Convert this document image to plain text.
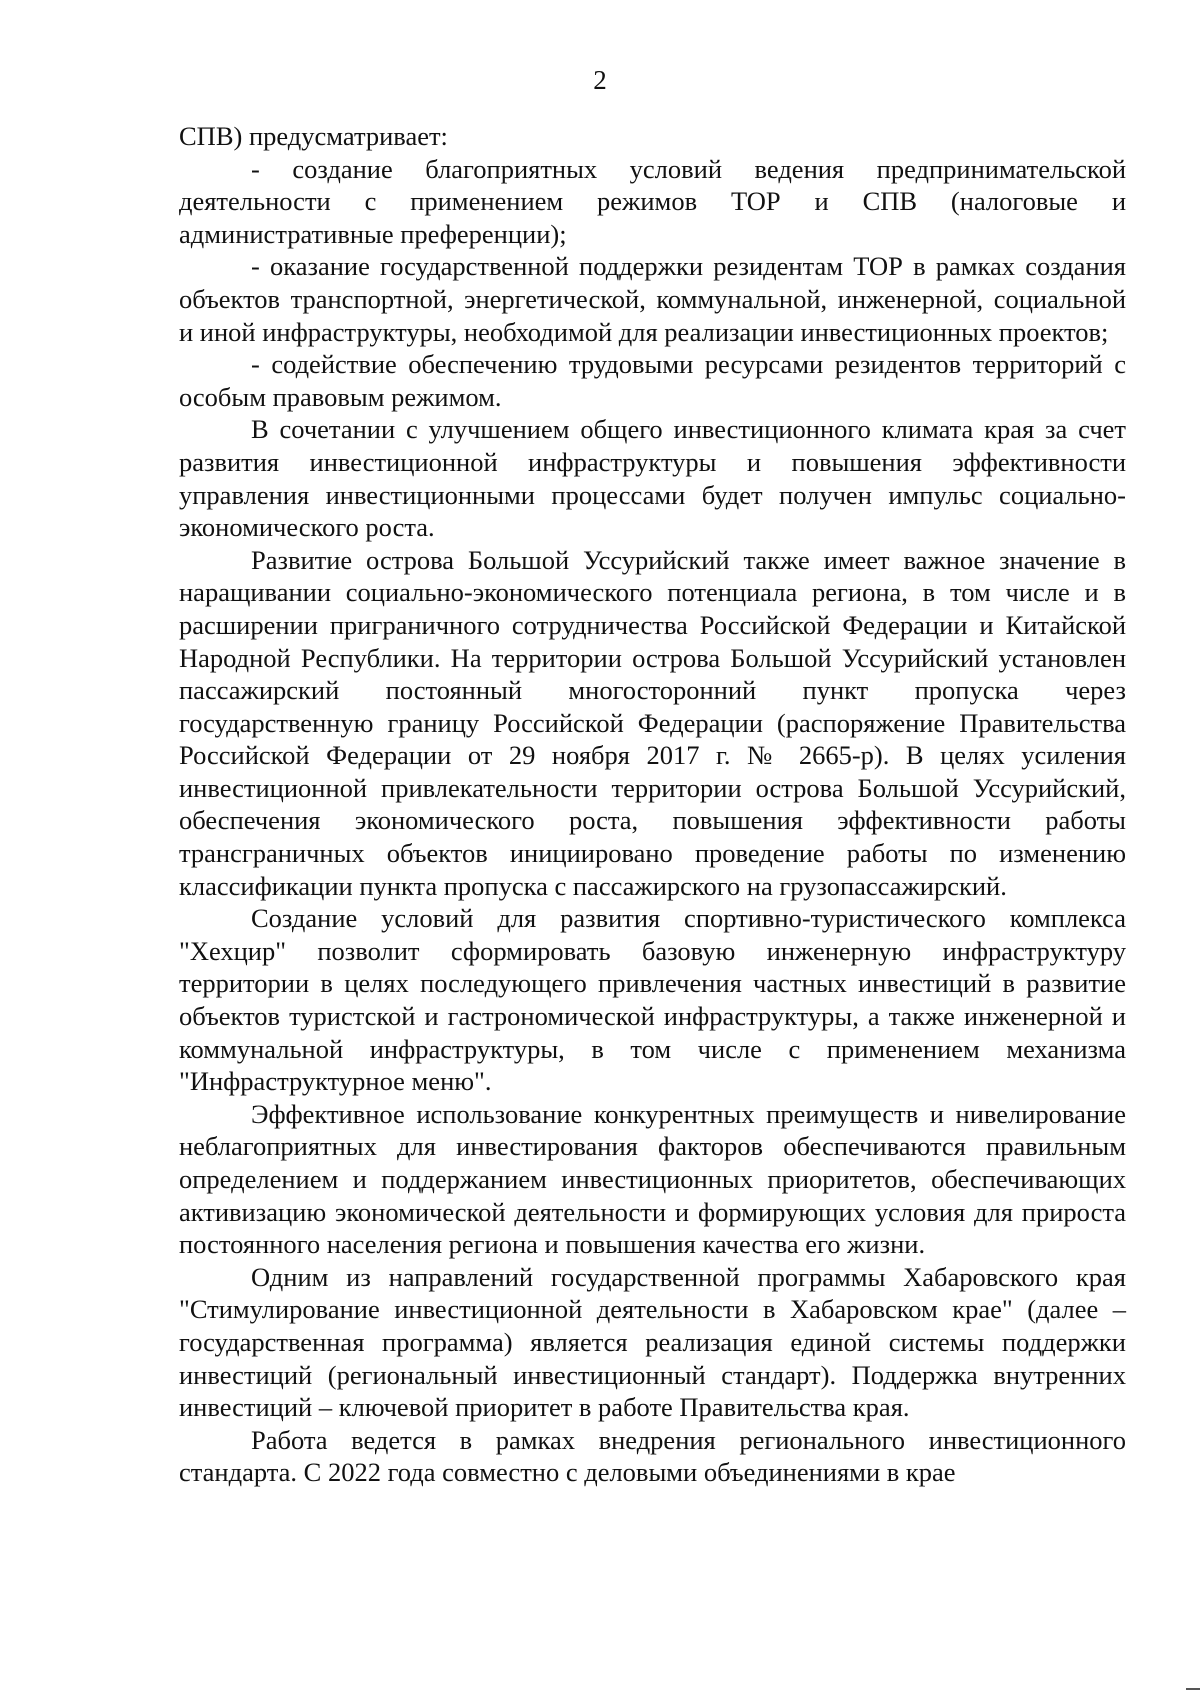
2

СПВ) предусматривает:

- создание благоприятных условий ведения предпринимательской деятельности с применением режимов ТОР и СПВ (налоговые и административные преференции);

- оказание государственной поддержки резидентам ТОР в рамках создания объектов транспортной, энергетической, коммунальной, инженерной, социальной и иной инфраструктуры, необходимой для реализации инвестиционных проектов;

- содействие обеспечению трудовыми ресурсами резидентов территорий с особым правовым режимом.

В сочетании с улучшением общего инвестиционного климата края за счет развития инвестиционной инфраструктуры и повышения эффективности управления инвестиционными процессами будет получен импульс социально-экономического роста.

Развитие острова Большой Уссурийский также имеет важное значение в наращивании социально-экономического потенциала региона, в том числе и в расширении приграничного сотрудничества Российской Федерации и Китайской Народной Республики. На территории острова Большой Уссурийский установлен пассажирский постоянный многосторонний пункт пропуска через государственную границу Российской Федерации (распоряжение Правительства Российской Федерации от 29 ноября 2017 г. № 2665-р). В целях усиления инвестиционной привлекательности территории острова Большой Уссурийский, обеспечения экономического роста, повышения эффективности работы трансграничных объектов инициировано проведение работы по изменению классификации пункта пропуска с пассажирского на грузопассажирский.

Создание условий для развития спортивно-туристического комплекса "Хехцир" позволит сформировать базовую инженерную инфраструктуру территории в целях последующего привлечения частных инвестиций в развитие объектов туристской и гастрономической инфраструктуры, а также инженерной и коммунальной инфраструктуры, в том числе с применением механизма "Инфраструктурное меню".

Эффективное использование конкурентных преимуществ и нивелирование неблагоприятных для инвестирования факторов обеспечиваются правильным определением и поддержанием инвестиционных приоритетов, обеспечивающих активизацию экономической деятельности и формирующих условия для прироста постоянного населения региона и повышения качества его жизни.

Одним из направлений государственной программы Хабаровского края "Стимулирование инвестиционной деятельности в Хабаровском крае" (далее – государственная программа) является реализация единой системы поддержки инвестиций (региональный инвестиционный стандарт). Поддержка внутренних инвестиций – ключевой приоритет в работе Правительства края.

Работа ведется в рамках внедрения регионального инвестиционного стандарта. С 2022 года совместно с деловыми объединениями в крае
